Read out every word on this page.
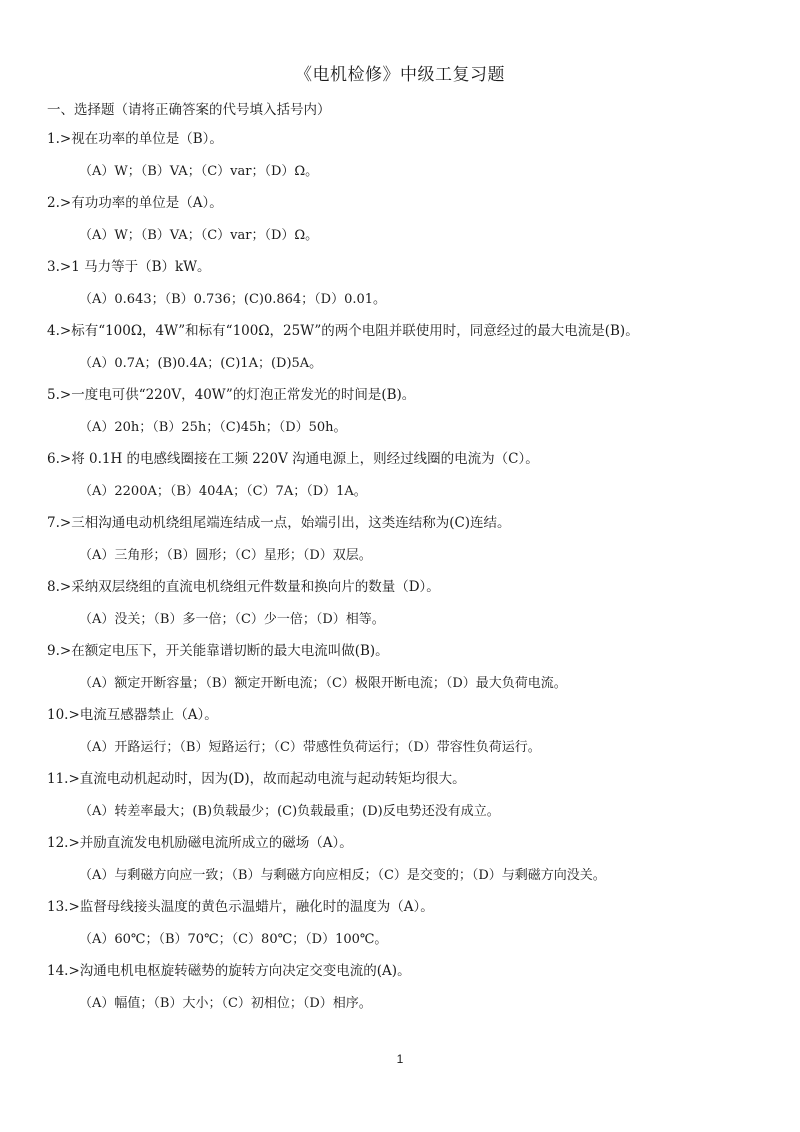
《电机检修》中级工复习题
一、选择题（请将正确答案的代号填入括号内）
1.>视在功率的单位是（B）。
（A）W；（B）VA；（C）var；（D）Ω。
2.>有功功率的单位是（A）。
（A）W；（B）VA；（C）var；（D）Ω。
3.>1 马力等于（B）kW。
（A）0.643；（B）0.736；(C)0.864；（D）0.01。
4.>标有“100Ω，4W”和标有“100Ω，25W”的两个电阻并联使用时，同意经过的最大电流是(B)。
（A）0.7A；(B)0.4A；(C)1A；(D)5A。
5.>一度电可供“220V，40W”的灯泡正常发光的时间是(B)。
（A）20h；（B）25h；（C)45h；（D）50h。
6.>将 0.1H 的电感线圈接在工频 220V 沟通电源上，则经过线圈的电流为（C）。
（A）2200A；（B）404A；（C）7A；（D）1A。
7.>三相沟通电动机绕组尾端连结成一点，始端引出，这类连结称为(C)连结。
（A）三角形；（B）圆形；（C）星形；（D）双层。
8.>采纳双层绕组的直流电机绕组元件数量和换向片的数量（D）。
（A）没关；（B）多一倍；（C）少一倍；（D）相等。
9.>在额定电压下，开关能靠谱切断的最大电流叫做(B)。
（A）额定开断容量；（B）额定开断电流；（C）极限开断电流；（D）最大负荷电流。
10.>电流互感器禁止（A）。
（A）开路运行；（B）短路运行；（C）带感性负荷运行；（D）带容性负荷运行。
11.>直流电动机起动时，因为(D)，故而起动电流与起动转矩均很大。
（A）转差率最大；(B)负载最少；(C)负载最重；(D)反电势还没有成立。
12.>并励直流发电机励磁电流所成立的磁场（A）。
（A）与剩磁方向应一致；（B）与剩磁方向应相反；（C）是交变的；（D）与剩磁方向没关。
13.>监督母线接头温度的黄色示温蜡片，融化时的温度为（A）。
（A）60℃；（B）70℃；（C）80℃；（D）100℃。
14.>沟通电机电枢旋转磁势的旋转方向决定交变电流的(A)。
（A）幅值；（B）大小；（C）初相位；（D）相序。
1
